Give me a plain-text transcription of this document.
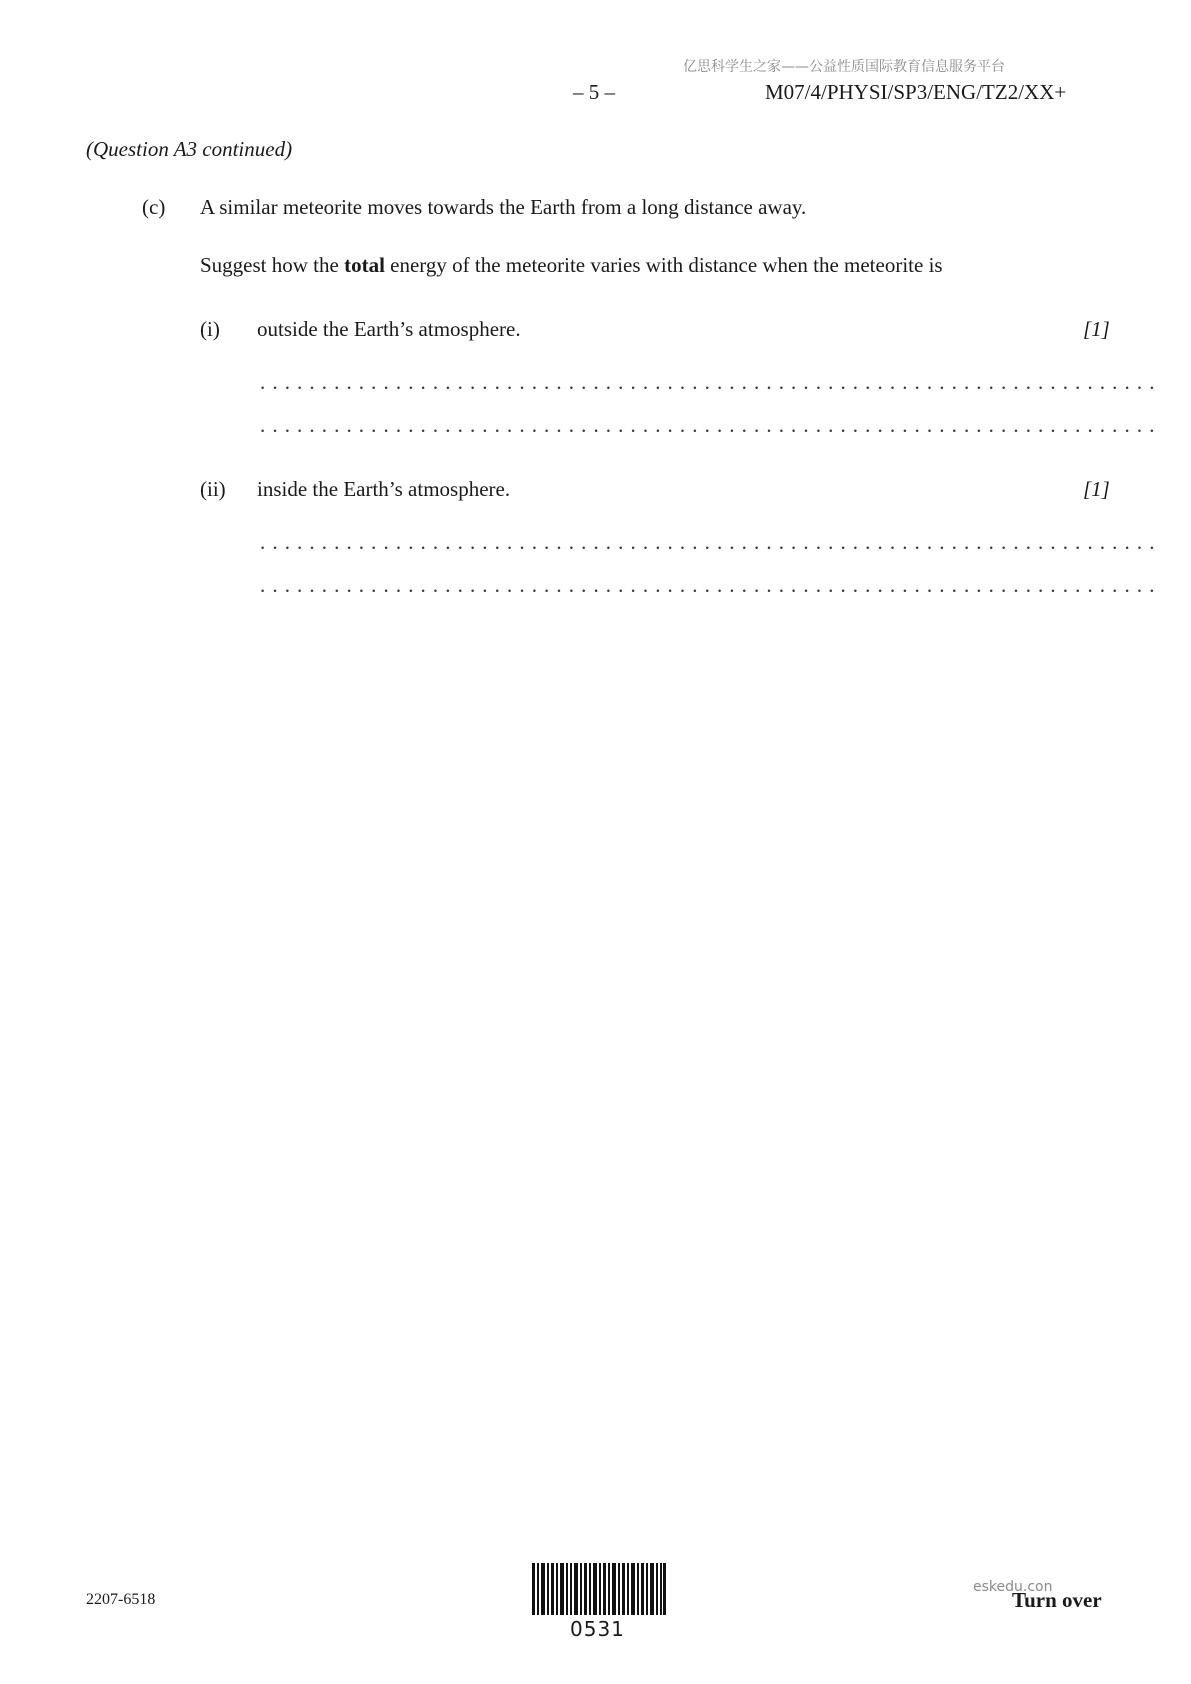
亿思科学生之家——公益性质国际教育信息服务平台
– 5 –	M07/4/PHYSI/SP3/ENG/TZ2/XX+
(Question A3 continued)
(c) A similar meteorite moves towards the Earth from a long distance away.
Suggest how the total energy of the meteorite varies with distance when the meteorite is
(i) outside the Earth’s atmosphere.	[1]
.........................................................................
.........................................................................
(ii) inside the Earth’s atmosphere.	[1]
.........................................................................
.........................................................................
2207-6518
0531
eskedu.con
Turn over
